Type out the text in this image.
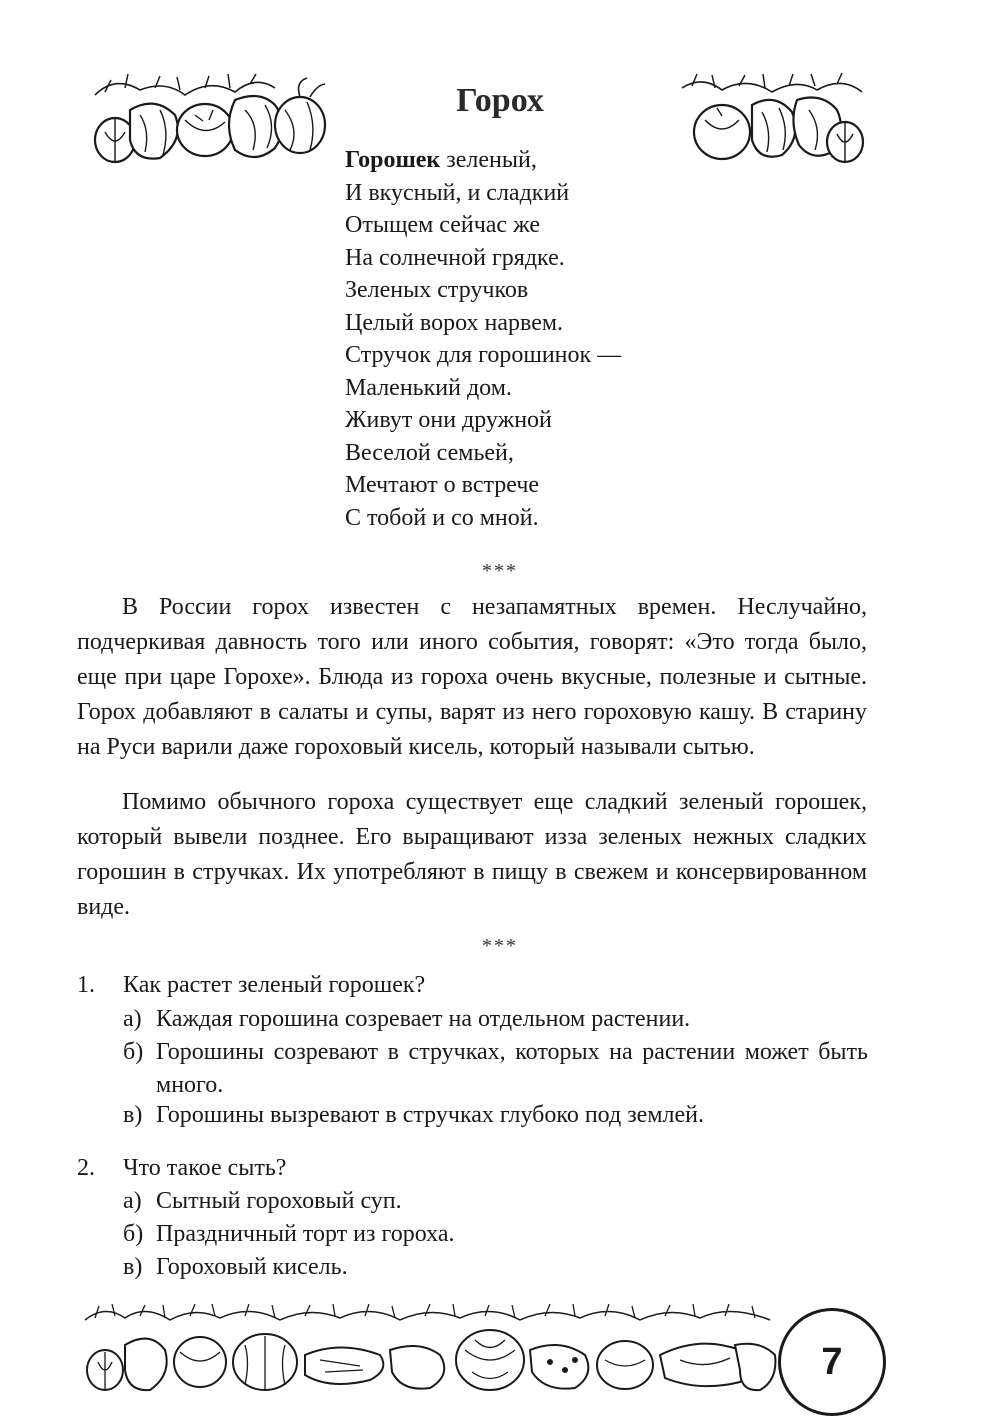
Горох
Горошек зеленый,
И вкусный, и сладкий
Отыщем сейчас же
На солнечной грядке.
Зеленых стручков
Целый ворох нарвем.
Стручок для горошинок —
Маленький дом.
Живут они дружной
Веселой семьей,
Мечтают о встрече
С тобой и со мной.
***

В России горох известен с незапамятных времен. Неслучайно, подчеркивая давность того или иного события, говорят: «Это тогда было, еще при царе Горохе». Блюда из гороха очень вкусные, полезные и сытные. Горох добавляют в салаты и супы, варят из него гороховую кашу. В старину на Руси варили даже гороховый кисель, который называли сытью.

Помимо обычного гороха существует еще сладкий зеленый горошек, который вывели позднее. Его выращивают изза зеленых нежных сладких горошин в стручках. Их употребляют в пищу в свежем и консервированном виде.

***
1. Как растет зеленый горошек?
а) Каждая горошина созревает на отдельном растении.
б) Горошины созревают в стручках, которых на растении может быть много.
в) Горошины вызревают в стручках глубоко под землей.
2. Что такое сыть?
а) Сытный гороховый суп.
б) Праздничный торт из гороха.
в) Гороховый кисель.
7
